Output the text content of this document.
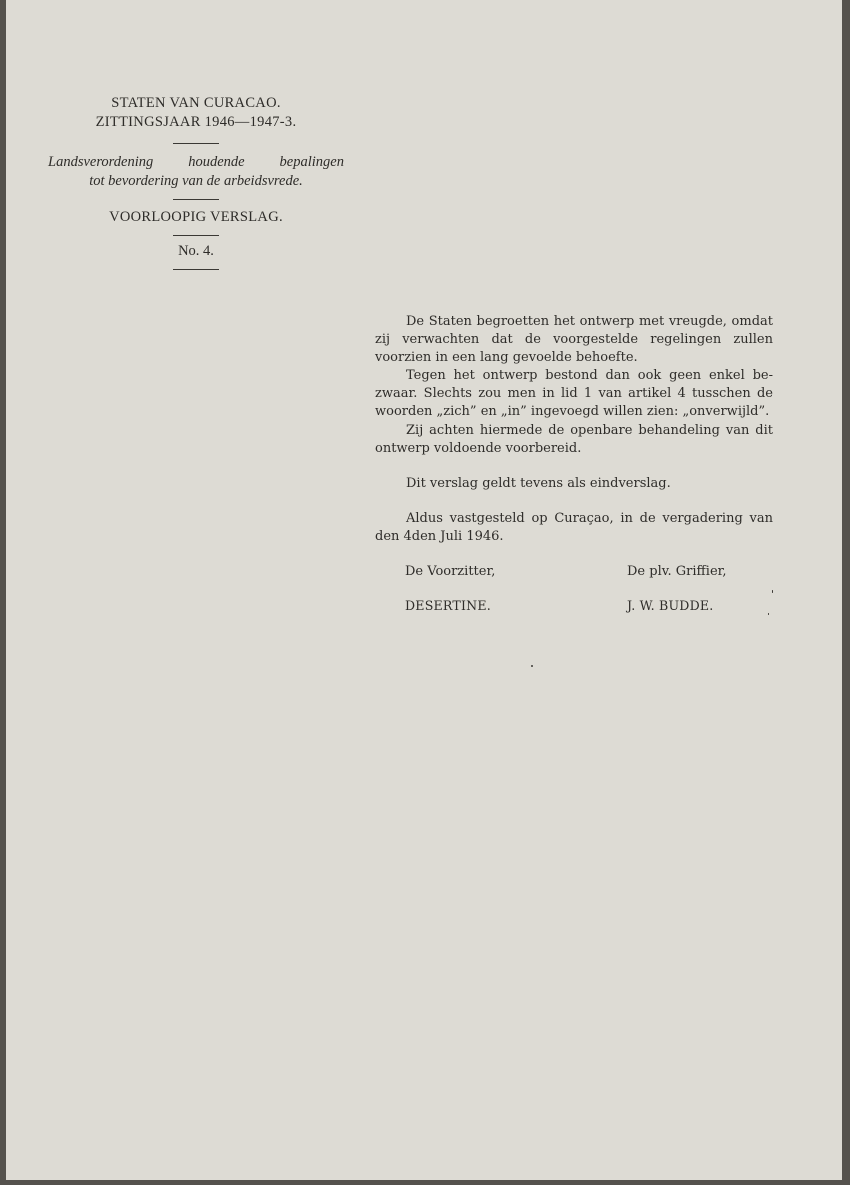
STATEN VAN CURACAO.
ZITTINGSJAAR 1946—1947-3.
Landsverordening houdende bepalingen
tot bevordering van de arbeidsvrede.
VOORLOOPIG VERSLAG.
No. 4.

De Staten begroetten het ontwerp met vreugde, omdat zij verwachten dat de voorgestelde regelingen zullen voorzien in een lang gevoelde behoefte.

Tegen het ontwerp bestond dan ook geen enkel bezwaar. Slechts zou men in lid 1 van artikel 4 tusschen de woorden „zich” en „in” ingevoegd willen zien: „onverwijld”.

Zij achten hiermede de openbare behandeling van dit ontwerp voldoende voorbereid.

Dit verslag geldt tevens als eindverslag.

Aldus vastgesteld op Curaçao, in de vergadering van den 4den Juli 1946.

De Voorzitter,	De plv. Griffier,
DESERTINE.	J. W. BUDDE.
